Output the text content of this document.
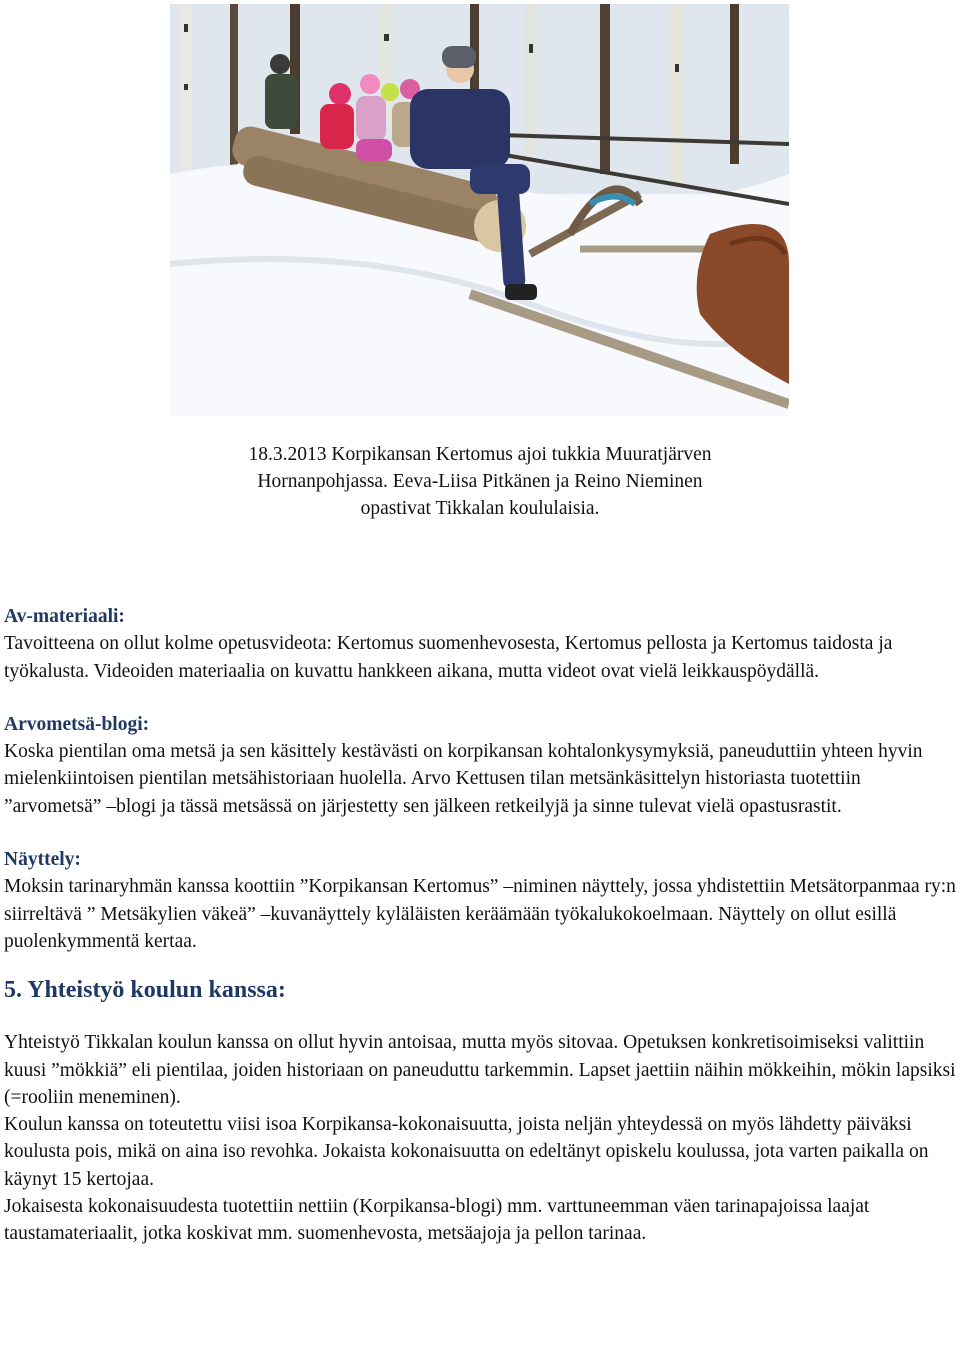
18.3.2013 Korpikansan Kertomus ajoi tukkia Muuratjärven

Hornanpohjassa. Eeva-Liisa Pitkänen ja Reino Nieminen

opastivat Tikkalan koululaisia.

Av-materiaali:

Tavoitteena on ollut kolme opetusvideota: Kertomus suomenhevosesta, Kertomus pellosta ja Kertomus taidosta ja työkalusta. Videoiden materiaalia on kuvattu hankkeen aikana, mutta videot ovat vielä leikkauspöydällä.

Arvometsä-blogi:

Koska pientilan oma metsä ja sen käsittely kestävästi on korpikansan kohtalonkysymyksiä, paneuduttiin yhteen hyvin mielenkiintoisen pientilan metsähistoriaan huolella. Arvo Kettusen tilan metsänkäsittelyn historiasta tuotettiin ”arvometsä” –blogi ja tässä metsässä on järjestetty sen jälkeen retkeilyjä ja sinne tulevat vielä opastusrastit.

Näyttely:

Moksin tarinaryhmän kanssa koottiin ”Korpikansan Kertomus” –niminen näyttely, jossa yhdistettiin Metsätorpanmaa ry:n siirreltävä ” Metsäkylien väkeä” –kuvanäyttely kyläläisten keräämään työkalukokoelmaan. Näyttely on ollut esillä puolenkymmentä kertaa.

5. Yhteistyö koulun kanssa:

Yhteistyö Tikkalan koulun kanssa on ollut hyvin antoisaa, mutta myös sitovaa. Opetuksen konkretisoimiseksi valittiin kuusi ”mökkiä” eli pientilaa, joiden historiaan on paneuduttu tarkemmin. Lapset jaettiin näihin mökkeihin, mökin lapsiksi (=rooliin meneminen).

Koulun kanssa on toteutettu viisi isoa Korpikansa-kokonaisuutta, joista neljän yhteydessä on myös lähdetty päiväksi koulusta pois, mikä on aina iso revohka. Jokaista kokonaisuutta on edeltänyt opiskelu koulussa, jota varten paikalla on käynyt 15 kertojaa.

Jokaisesta kokonaisuudesta tuotettiin nettiin (Korpikansa-blogi) mm. varttuneemman väen tarinapajoissa laajat taustamateriaalit, jotka koskivat mm. suomenhevosta, metsäajoja ja pellon tarinaa.
